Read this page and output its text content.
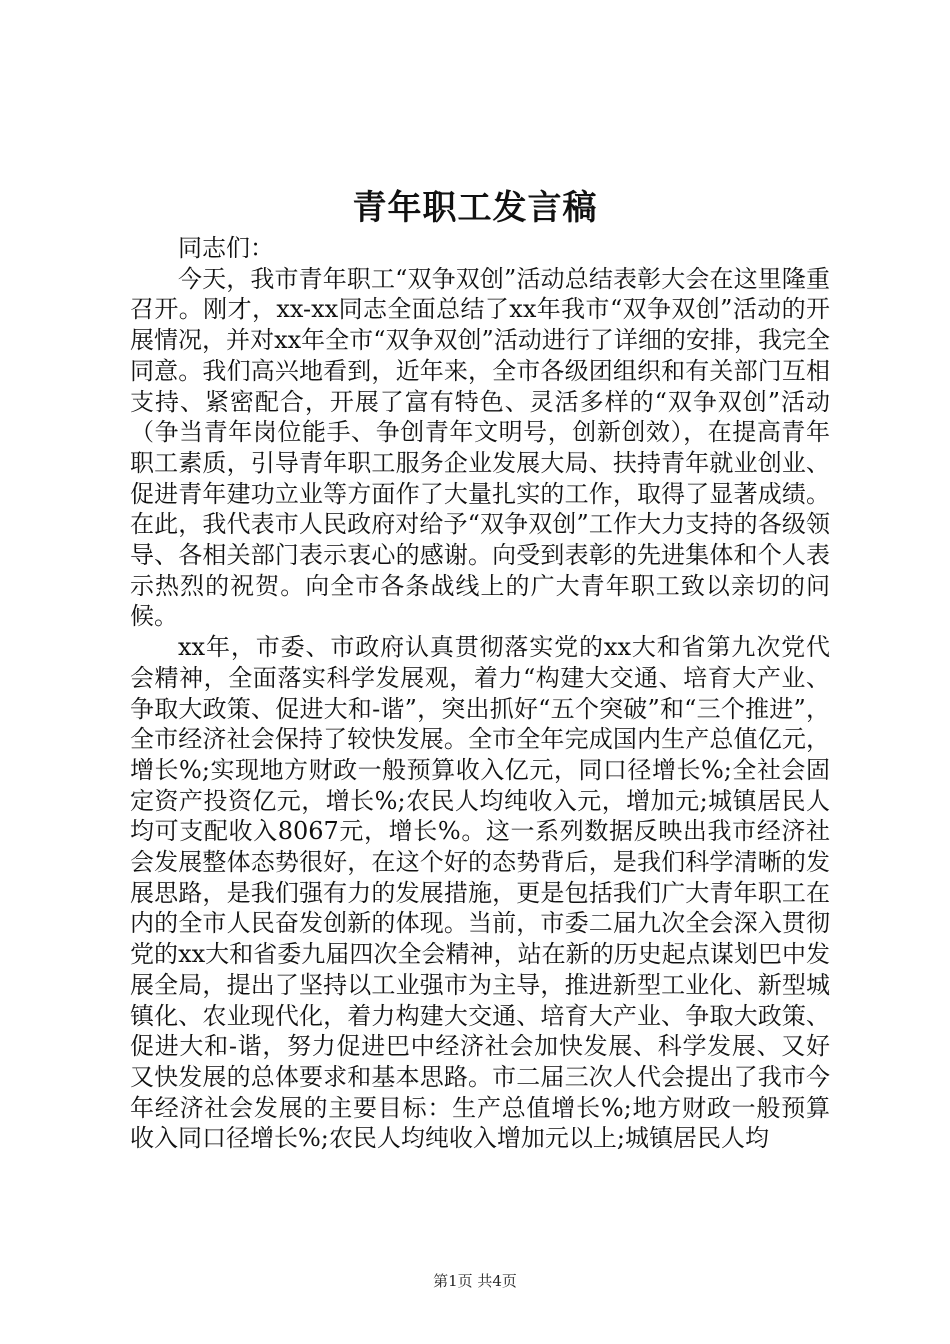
青年职工发言稿

同志们：

今天，我市青年职工“双争双创”活动总结表彰大会在这里隆重召开。刚才，xx-xx同志全面总结了xx年我市“双争双创”活动的开展情况，并对xx年全市“双争双创”活动进行了详细的安排，我完全同意。我们高兴地看到，近年来，全市各级团组织和有关部门互相支持、紧密配合，开展了富有特色、灵活多样的“双争双创”活动（争当青年岗位能手、争创青年文明号，创新创效），在提高青年职工素质，引导青年职工服务企业发展大局、扶持青年就业创业、促进青年建功立业等方面作了大量扎实的工作，取得了显著成绩。在此，我代表市人民政府对给予“双争双创”工作大力支持的各级领导、各相关部门表示衷心的感谢。向受到表彰的先进集体和个人表示热烈的祝贺。向全市各条战线上的广大青年职工致以亲切的问候。

xx年，市委、市政府认真贯彻落实党的xx大和省第九次党代会精神，全面落实科学发展观，着力“构建大交通、培育大产业、争取大政策、促进大和-谐”，突出抓好“五个突破”和“三个推进”，全市经济社会保持了较快发展。全市全年完成国内生产总值亿元，增长%;实现地方财政一般预算收入亿元，同口径增长%;全社会固定资产投资亿元，增长%;农民人均纯收入元，增加元;城镇居民人均可支配收入8067元，增长%。这一系列数据反映出我市经济社会发展整体态势很好，在这个好的态势背后，是我们科学清晰的发展思路，是我们强有力的发展措施，更是包括我们广大青年职工在内的全市人民奋发创新的体现。当前，市委二届九次全会深入贯彻党的xx大和省委九届四次全会精神，站在新的历史起点谋划巴中发展全局，提出了坚持以工业强市为主导，推进新型工业化、新型城镇化、农业现代化，着力构建大交通、培育大产业、争取大政策、促进大和-谐，努力促进巴中经济社会加快发展、科学发展、又好又快发展的总体要求和基本思路。市二届三次人代会提出了我市今年经济社会发展的主要目标：生产总值增长%;地方财政一般预算收入同口径增长%;农民人均纯收入增加元以上;城镇居民人均

第1页 共4页
